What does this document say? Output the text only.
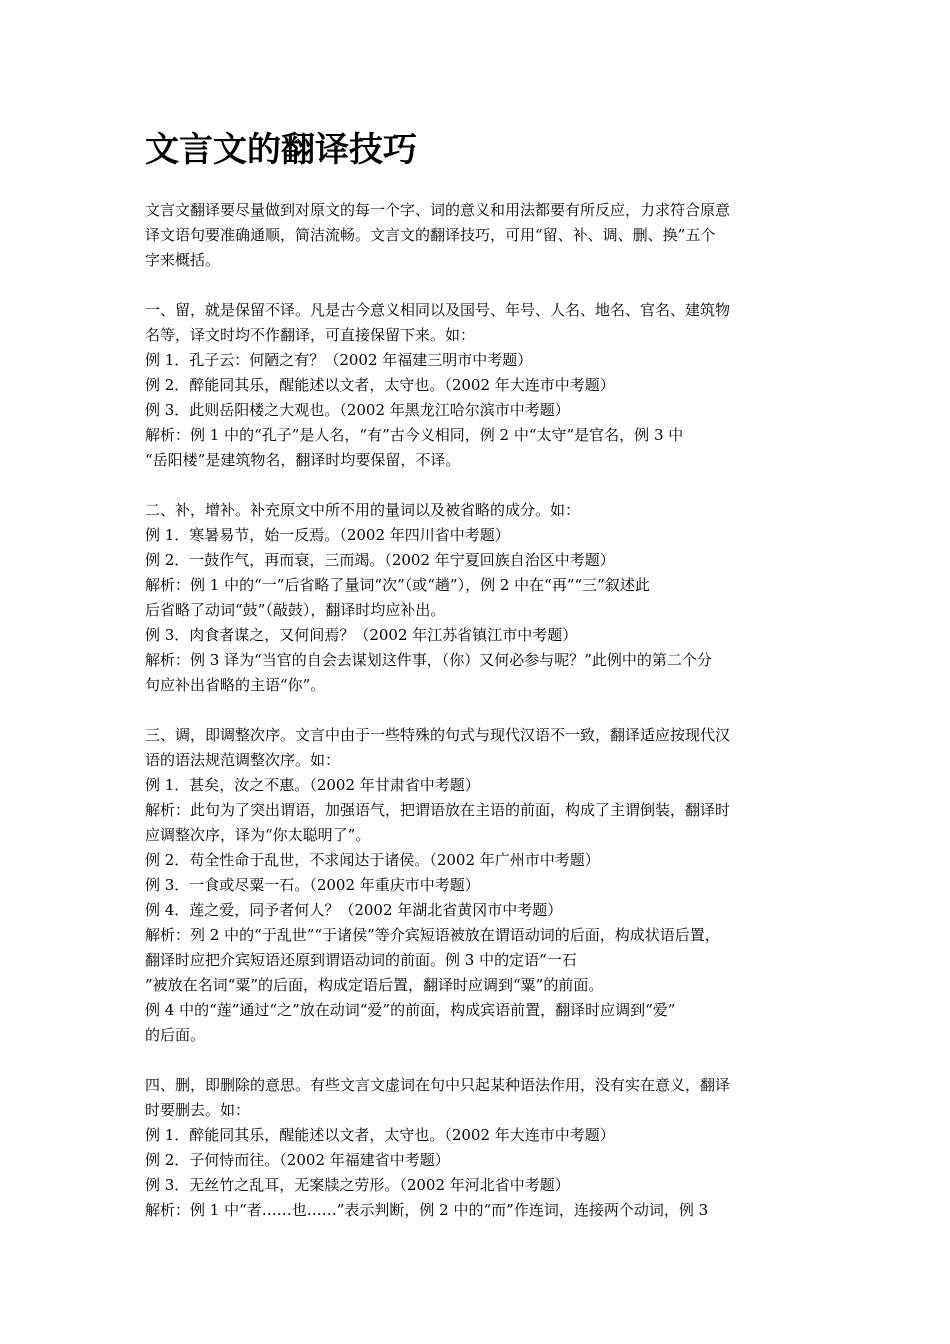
文言文的翻译技巧
文言文翻译要尽量做到对原文的每一个字、词的意义和用法都要有所反应，力求符合原意
译文语句要准确通顺，简洁流畅。文言文的翻译技巧，可用“留、补、调、删、换”五个
字来概括。
一、留，就是保留不译。凡是古今意义相同以及国号、年号、人名、地名、官名、建筑物
名等，译文时均不作翻译，可直接保留下来。如：
例 1．孔子云：何陋之有？（2002 年福建三明市中考题）
例 2．醉能同其乐，醒能述以文者，太守也。（2002 年大连市中考题）
例 3．此则岳阳楼之大观也。（2002 年黑龙江哈尔滨市中考题）
解析：例 1 中的“孔子”是人名，“有”古今义相同，例 2 中“太守”是官名，例 3 中
“岳阳楼”是建筑物名，翻译时均要保留，不译。
二、补，增补。补充原文中所不用的量词以及被省略的成分。如：
例 1．寒暑易节，始一反焉。（2002 年四川省中考题）
例 2．一鼓作气，再而衰，三而竭。（2002 年宁夏回族自治区中考题）
解析：例 1 中的“一”后省略了量词“次”（或“趟”），例 2 中在“再”“三”叙述此
后省略了动词“鼓”（敲鼓），翻译时均应补出。
例 3．肉食者谋之，又何间焉？（2002 年江苏省镇江市中考题）
解析：例 3 译为“当官的自会去谋划这件事，（你）又何必参与呢？”此例中的第二个分
句应补出省略的主语“你”。
三、调，即调整次序。文言中由于一些特殊的句式与现代汉语不一致，翻译适应按现代汉
语的语法规范调整次序。如：
例 1．甚矣，汝之不惠。（2002 年甘肃省中考题）
解析：此句为了突出谓语，加强语气，把谓语放在主语的前面，构成了主谓倒装，翻译时
应调整次序，译为“你太聪明了”。
例 2．苟全性命于乱世，不求闻达于诸侯。（2002 年广州市中考题）
例 3．一食或尽粟一石。（2002 年重庆市中考题）
例 4．莲之爱，同予者何人？（2002 年湖北省黄冈市中考题）
解析：列 2 中的“于乱世”“于诸侯”等介宾短语被放在谓语动词的后面，构成状语后置，
翻译时应把介宾短语还原到谓语动词的前面。例 3 中的定语“一石
”被放在名词“粟”的后面，构成定语后置，翻译时应调到“粟”的前面。
例 4 中的“莲”通过“之”放在动词“爱”的前面，构成宾语前置，翻译时应调到“爱”
的后面。
四、删，即删除的意思。有些文言文虚词在句中只起某种语法作用，没有实在意义，翻译
时要删去。如：
例 1．醉能同其乐，醒能述以文者，太守也。（2002 年大连市中考题）
例 2．子何恃而往。（2002 年福建省中考题）
例 3．无丝竹之乱耳，无案牍之劳形。（2002 年河北省中考题）
解析：例 1 中“者……也……”表示判断，例 2 中的“而”作连词，连接两个动词，例 3
